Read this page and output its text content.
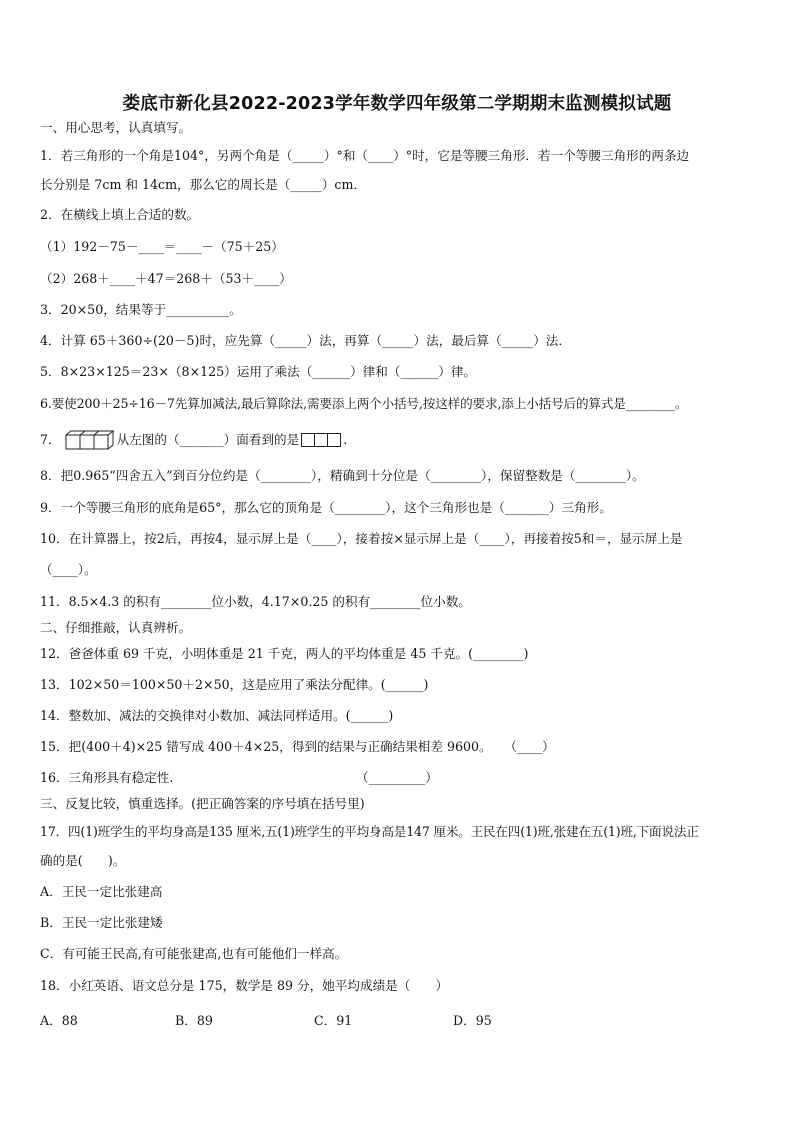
娄底市新化县2022-2023学年数学四年级第二学期期末监测模拟试题
一、用心思考，认真填写。
1．若三角形的一个角是104°，另两个角是（_____）°和（____）°时，它是等腰三角形．若一个等腰三角形的两条边
长分别是 7cm 和 14cm，那么它的周长是（_____）cm．
2．在横线上填上合适的数。
（1）192－75－____＝____－（75＋25）
（2）268＋____＋47＝268＋（53＋____）
3．20×50，结果等于__________。
4．计算 65＋360÷(20－5)时，应先算（_____）法，再算（_____）法，最后算（_____）法．
5．8×23×125＝23×（8×125）运用了乘法（______）律和（______）律。
6.要使200＋25÷16－7先算加减法,最后算除法,需要添上两个小括号,按这样的要求,添上小括号后的算式是________。
7．	从左图的（_______）面看到的是	.
8．把0.965“四舍五入”到百分位约是（________），精确到十分位是（________），保留整数是（________）。
9．一个等腰三角形的底角是65°，那么它的顶角是（________），这个三角形也是（_______）三角形。
10．在计算器上，按2后，再按4，显示屏上是（____），接着按×显示屏上是（____），再接着按5和＝，显示屏上是
（____）。
11．8.5×4.3 的积有________位小数，4.17×0.25 的积有________位小数。
二、仔细推敲，认真辨析。
12．爸爸体重 69 千克，小明体重是 21 千克，两人的平均体重是 45 千克。(________)
13．102×50＝100×50＋2×50，这是应用了乘法分配律。(______)
14．整数加、减法的交换律对小数加、减法同样适用。(______)
15．把(400＋4)×25 错写成 400＋4×25，得到的结果与正确结果相差 9600。　　（____）
16．三角形具有稳定性.　　　　　　　　　　　　　　　（_________）
三、反复比较，慎重选择。(把正确答案的序号填在括号里)
17．四(1)班学生的平均身高是135 厘米,五(1)班学生的平均身高是147 厘米。王民在四(1)班,张建在五(1)班,下面说法正
确的是(　　)。
A．王民一定比张建高
B．王民一定比张建矮
C．有可能王民高,有可能张建高,也有可能他们一样高。
18．小红英语、语文总分是 175，数学是 89 分，她平均成绩是（　　）
A．88	B．89	C．91	D．95
